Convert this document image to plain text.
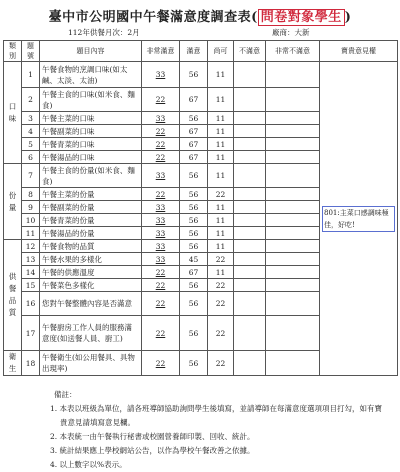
臺中市公明國中午餐滿意度調查表( 問卷對象學生 )
112年供餐月次：2月	廠商：大新
類別	題號	題目內容	非常滿意	滿意	尚可	不滿意	非常不滿意	寶貴意見權
口味	1	午餐食物的烹調口味(如太鹹、太淡、太油)	33	56	11			801:主菜口感調味極佳，好吃!
	2	午餐主食的口味(如米食、麵食)	22	67	11			
	3	午餐主菜的口味	33	56	11			
	4	午餐副菜的口味	22	67	11			
	5	午餐青菜的口味	22	67	11			
	6	午餐湯品的口味	22	67	11			
份量	7	午餐主食的份量(如米食、麵食)	33	56	11			
	8	午餐主菜的份量	22	56	22			
	9	午餐副菜的份量	33	56	11			
	10	午餐青菜的份量	33	56	11			
	11	午餐湯品的份量	33	56	11			
供餐品質	12	午餐食物的品質	33	56	11			
	13	午餐水果的多樣化	33	45	22			
	14	午餐的供應溫度	22	67	11			
	15	午餐菜色多樣化	22	56	22			
	16	您對午餐整體內容是否滿意	22	56	22			
	17	午餐廚房工作人員的服務滿意度(如送餐人員、廚工)	22	56	22			
衛生	18	午餐衛生(如公用餐具、具物出現率)	22	56	22			
備註：
1. 本表以班級為單位，請各班導師協助詢問學生後填寫，並請導師在每滿意度選項項目打勾，如有寶貴意見請填寫意見欄。
2. 本表統一由午餐執行秘書或校園營養師印製、回收、統計。
3. 統計結果應上學校網站公告，以作為學校午餐改善之依據。
4. 以上數字以%表示。
